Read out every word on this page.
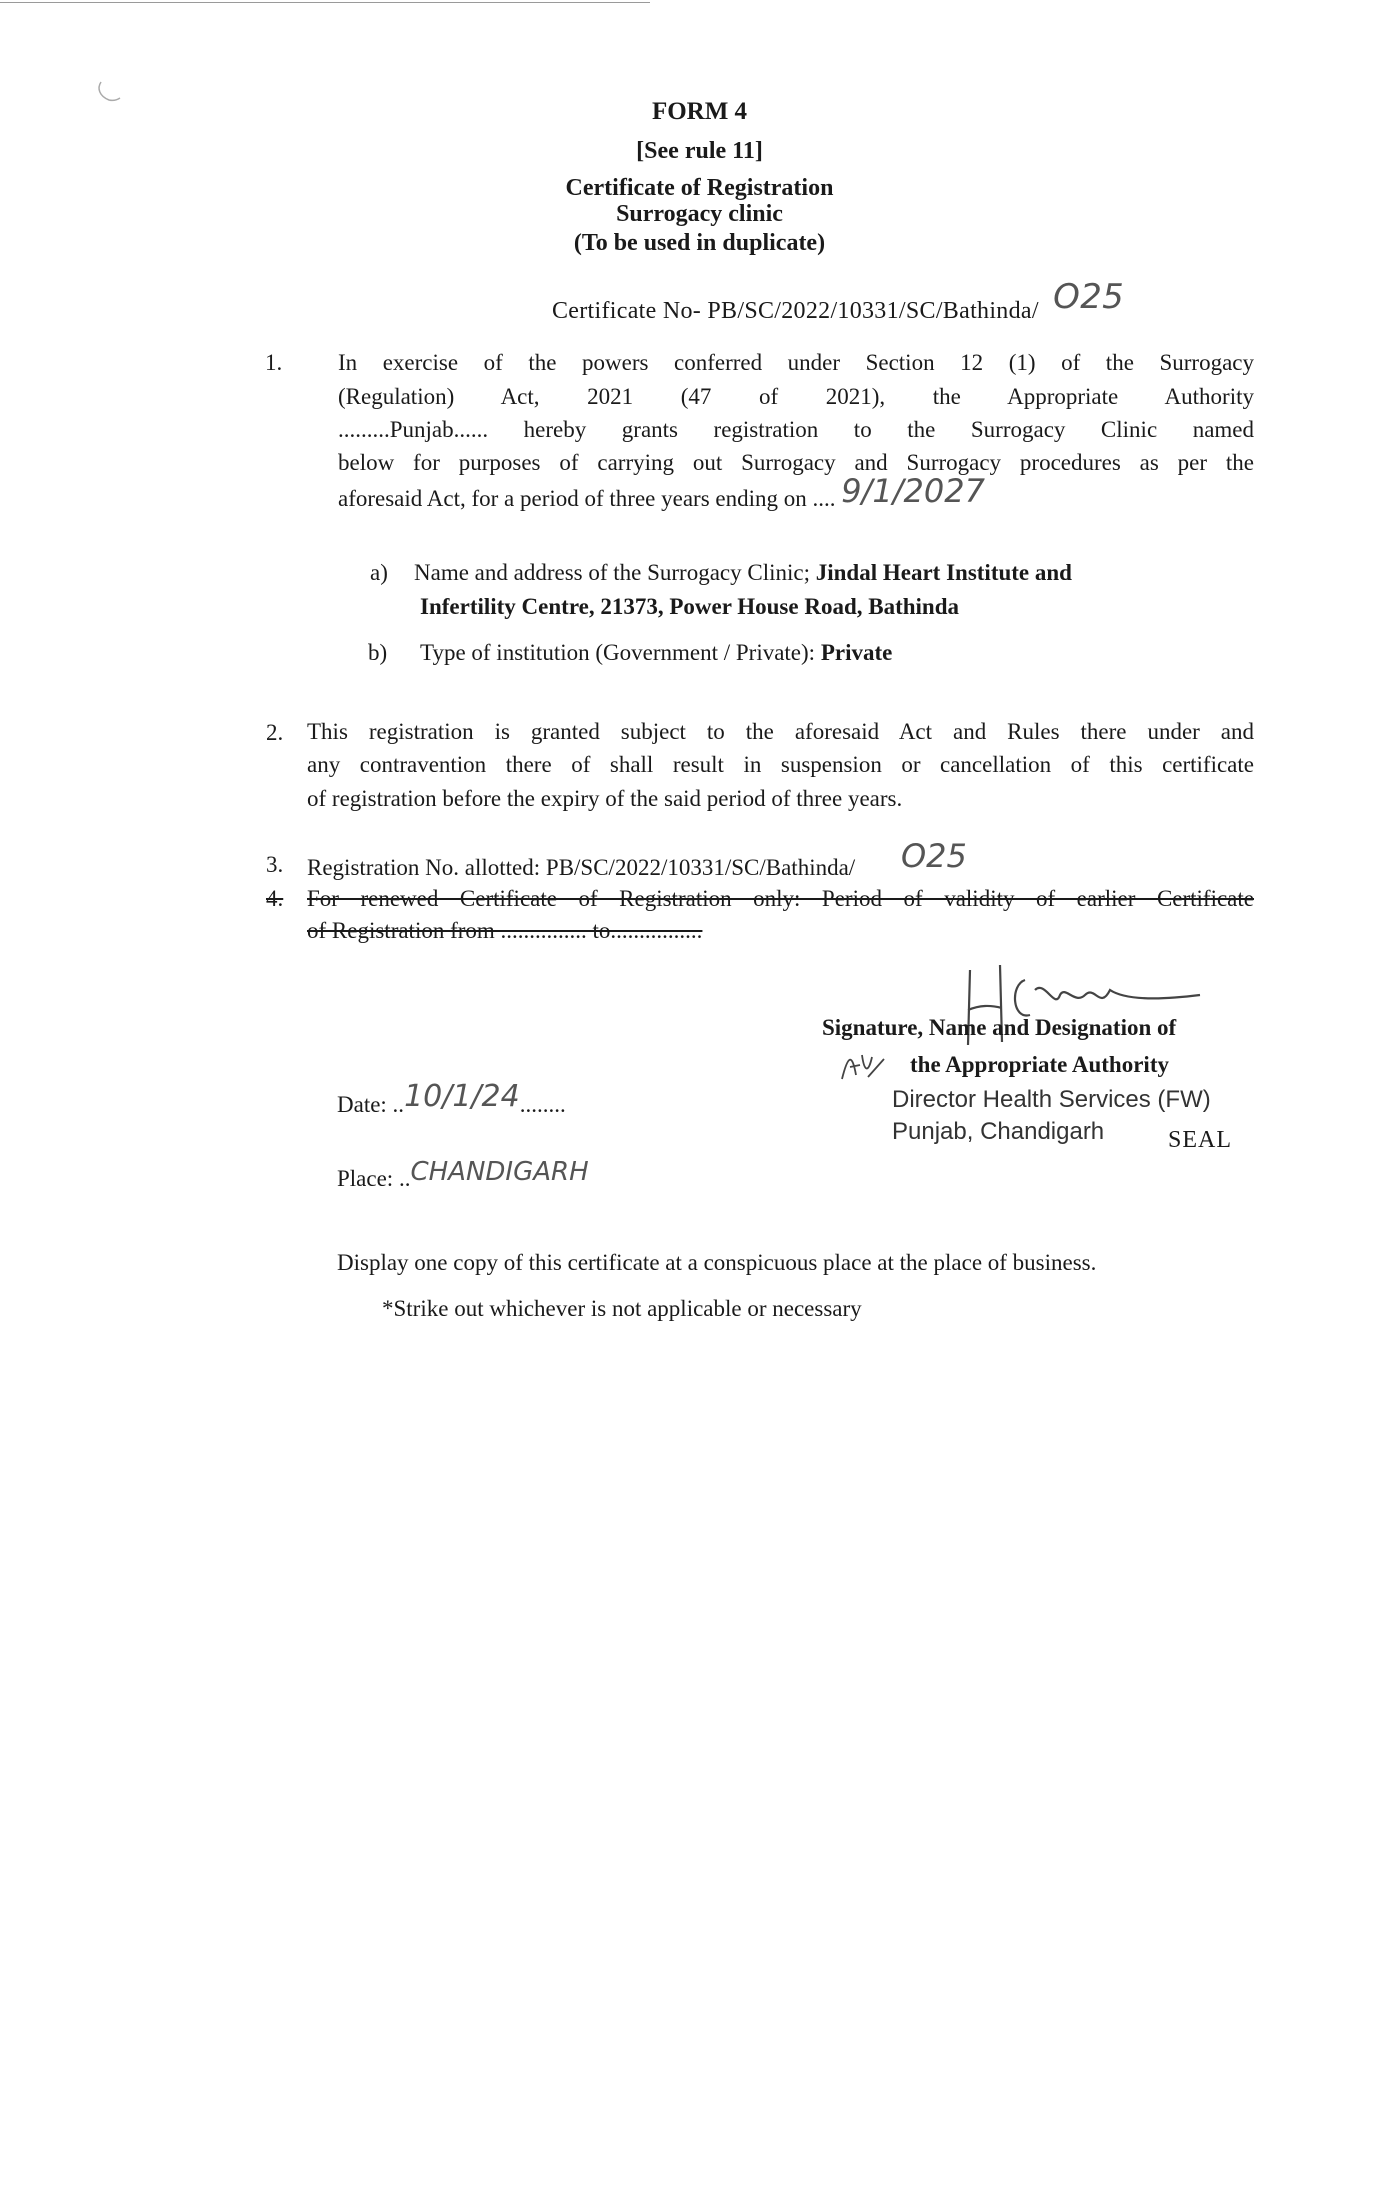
FORM 4
[See rule 11]
Certificate of Registration
Surrogacy clinic
(To be used in duplicate)
Certificate No- PB/SC/2022/10331/SC/Bathinda/ O25
1. In exercise of the powers conferred under Section 12 (1) of the Surrogacy
(Regulation) Act, 2021 (47 of 2021), the Appropriate Authority
.........Punjab...... hereby grants registration to the Surrogacy Clinic named
below for purposes of carrying out Surrogacy and Surrogacy procedures as per the
aforesaid Act, for a period of three years ending on .... 9/1/2027
a) Name and address of the Surrogacy Clinic; Jindal Heart Institute and
Infertility Centre, 21373, Power House Road, Bathinda
b) Type of institution (Government / Private): Private
2. This registration is granted subject to the aforesaid Act and Rules there under and
any contravention there of shall result in suspension or cancellation of this certificate
of registration before the expiry of the said period of three years.
3. Registration No. allotted: PB/SC/2022/10331/SC/Bathinda/ O25
4. For renewed Certificate of Registration only: Period of validity of earlier Certificate
of Registration from ............... to................
Signature, Name and Designation of
the Appropriate Authority
Director Health Services (FW)
Punjab, Chandigarh	SEAL
Date: ..10/1/24........
Place: ..CHANDIGARH
Display one copy of this certificate at a conspicuous place at the place of business.
*Strike out whichever is not applicable or necessary
